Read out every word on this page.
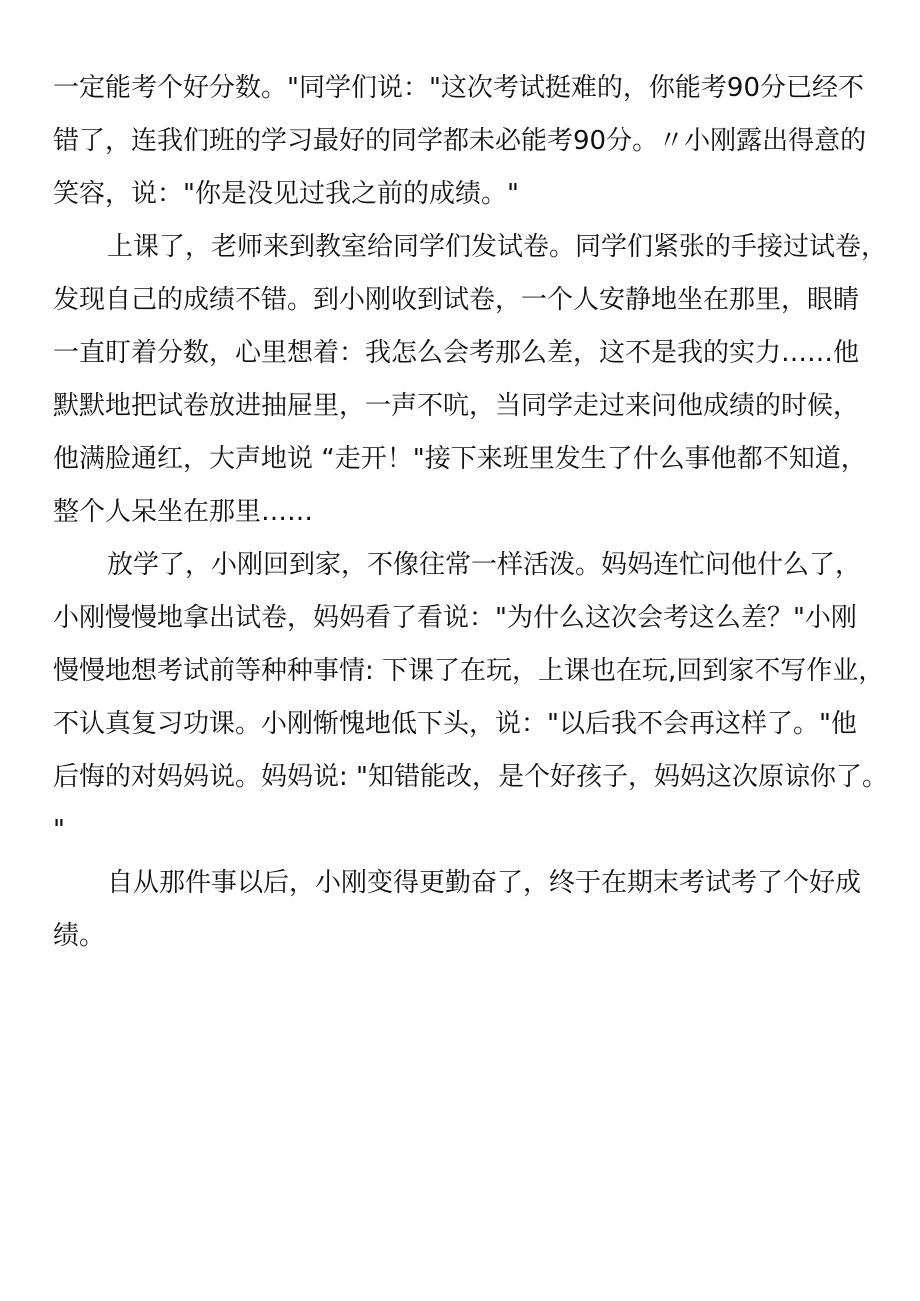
一定能考个好分数。"同学们说："这次考试挺难的，你能考90分已经不
错了，连我们班的学习最好的同学都未必能考90分。〃小刚露出得意的
笑容，说："你是没见过我之前的成绩。"
上课了，老师来到教室给同学们发试卷。同学们紧张的手接过试卷，
发现自己的成绩不错。到小刚收到试卷，一个人安静地坐在那里，眼睛
一直盯着分数，心里想着：我怎么会考那么差，这不是我的实力……他
默默地把试卷放进抽屉里，一声不吭，当同学走过来问他成绩的时候，
他满脸通红，大声地说 “走开！"接下来班里发生了什么事他都不知道，
整个人呆坐在那里……
放学了，小刚回到家，不像往常一样活泼。妈妈连忙问他什么了，
小刚慢慢地拿出试卷，妈妈看了看说："为什么这次会考这么差？"小刚
慢慢地想考试前等种种事情: 下课了在玩，上课也在玩,回到家不写作业，
不认真复习功课。小刚惭愧地低下头，说："以后我不会再这样了。"他
后悔的对妈妈说。妈妈说: "知错能改，是个好孩子，妈妈这次原谅你了。
"
自从那件事以后，小刚变得更勤奋了，终于在期末考试考了个好成
绩。
